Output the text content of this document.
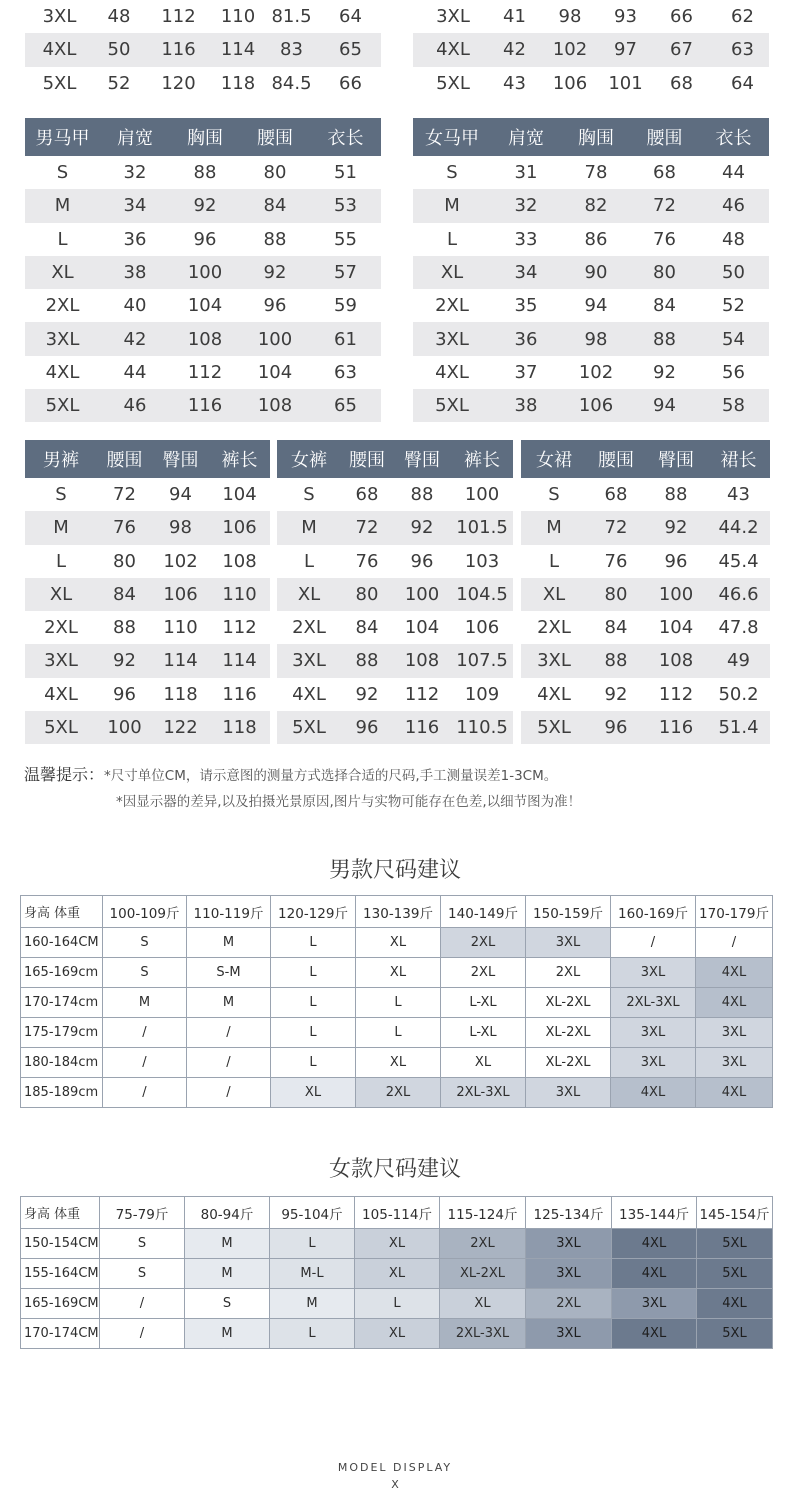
3XL	48	112	110	81.5	64
4XL	50	116	114	83	65
5XL	52	120	118	84.5	66
3XL	41	98	93	66	62
4XL	42	102	97	67	63
5XL	43	106	101	68	64
男马甲	肩宽	胸围	腰围	衣长
S	32	88	80	51
M	34	92	84	53
L	36	96	88	55
XL	38	100	92	57
2XL	40	104	96	59
3XL	42	108	100	61
4XL	44	112	104	63
5XL	46	116	108	65
女马甲	肩宽	胸围	腰围	衣长
S	31	78	68	44
M	32	82	72	46
L	33	86	76	48
XL	34	90	80	50
2XL	35	94	84	52
3XL	36	98	88	54
4XL	37	102	92	56
5XL	38	106	94	58
男裤	腰围	臀围	裤长
S	72	94	104
M	76	98	106
L	80	102	108
XL	84	106	110
2XL	88	110	112
3XL	92	114	114
4XL	96	118	116
5XL	100	122	118
女裤	腰围	臀围	裤长
S	68	88	100
M	72	92	101.5
L	76	96	103
XL	80	100	104.5
2XL	84	104	106
3XL	88	108	107.5
4XL	92	112	109
5XL	96	116	110.5
女裙	腰围	臀围	裙长
S	68	88	43
M	72	92	44.2
L	76	96	45.4
XL	80	100	46.6
2XL	84	104	47.8
3XL	88	108	49
4XL	92	112	50.2
5XL	96	116	51.4
温馨提示：*尺寸单位CM，请示意图的测量方式选择合适的尺码,手工测量误差1-3CM。
*因显示器的差异,以及拍摄光景原因,图片与实物可能存在色差,以细节图为准！
男款尺码建议
身高 体重	100-109斤	110-119斤	120-129斤	130-139斤	140-149斤	150-159斤	160-169斤	170-179斤
160-164CM	S	M	L	XL	2XL	3XL	/	/
165-169cm	S	S-M	L	XL	2XL	2XL	3XL	4XL
170-174cm	M	M	L	L	L-XL	XL-2XL	2XL-3XL	4XL
175-179cm	/	/	L	L	L-XL	XL-2XL	3XL	3XL
180-184cm	/	/	L	XL	XL	XL-2XL	3XL	3XL
185-189cm	/	/	XL	2XL	2XL-3XL	3XL	4XL	4XL
女款尺码建议
身高 体重	75-79斤	80-94斤	95-104斤	105-114斤	115-124斤	125-134斤	135-144斤	145-154斤
150-154CM	S	M	L	XL	2XL	3XL	4XL	5XL
155-164CM	S	M	M-L	XL	XL-2XL	3XL	4XL	5XL
165-169CM	/	S	M	L	XL	2XL	3XL	4XL
170-174CM	/	M	L	XL	2XL-3XL	3XL	4XL	5XL
MODEL DISPLAY
X
